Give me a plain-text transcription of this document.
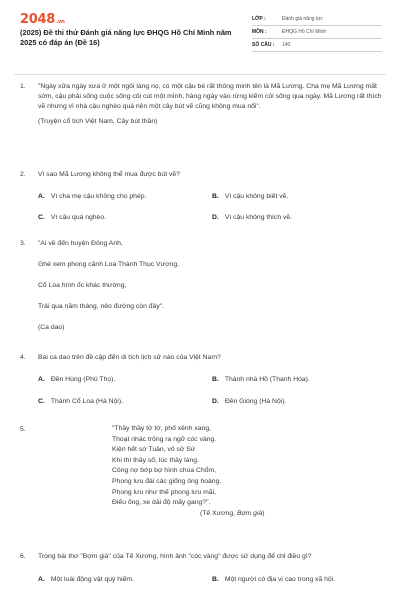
2048.vn
(2025) Đề thi thử Đánh giá năng lực ĐHQG Hồ Chí Minh năm 2025 có đáp án (Đề 16)
LỚP :	Đánh giá năng lực
MÔN :	ĐHQG Hồ Chí Minh
SỐ CÂU :	140
1.	"Ngày xửa ngày xưa ở một ngôi làng nọ, có một cậu bé rất thông minh tên là Mã Lương. Cha mẹ Mã Lương mất sớm, cậu phải sống cuộc sống côi cút một mình, hàng ngày vào rừng kiếm củi sống qua ngày. Mã Lương rất thích vẽ nhưng vì nhà cậu nghèo quá nên một cây bút vẽ cũng không mua nổi".

(Truyện cổ tích Việt Nam, Cây bút thần)

2.	Vì sao Mã Lương không thể mua được bút vẽ?

A. Vì cha mẹ cậu không cho phép.	B. Vì cậu không biết vẽ.
C. Vì cậu quá nghèo.	D. Vì cậu không thích vẽ.
3.	"Ai về đến huyện Đông Anh,

Ghé xem phong cảnh Loa Thành Thục Vương.

Cổ Loa hình ốc khác thường,

Trải qua năm tháng, nẻo đường còn đây".

(Ca dao)

4.	Bài ca dao trên đề cập đến di tích lịch sử nào của Việt Nam?

A. Đền Hùng (Phú Thọ).	B. Thành nhà Hồ (Thanh Hóa).
C. Thành Cổ Loa (Hà Nội).	D. Đền Gióng (Hà Nội).
5.	"Thầy thầy tớ tớ, phố xênh xang,
Thoạt nhác trông ra ngỡ cóc vàng.
Kiện hết sớ Tuần, vô sở Sứ
Khi thì thầy số, lúc thầy làng.
Công nợ bớp bợ hình chùa Chổm,
Phong lưu đài các giống ông hoàng.
Phong lưu như thế phong lưu mãi,
Điếu ống, xe dài độ mấy gang?".
(Tế Xương, Bợm già)
6.	Trong bài thơ "Bợm già" của Tế Xương, hình ảnh "cóc vàng" được sử dụng để chỉ điều gì?

A. Một loài động vật quý hiếm.	B. Một người có địa vị cao trong xã hội.
